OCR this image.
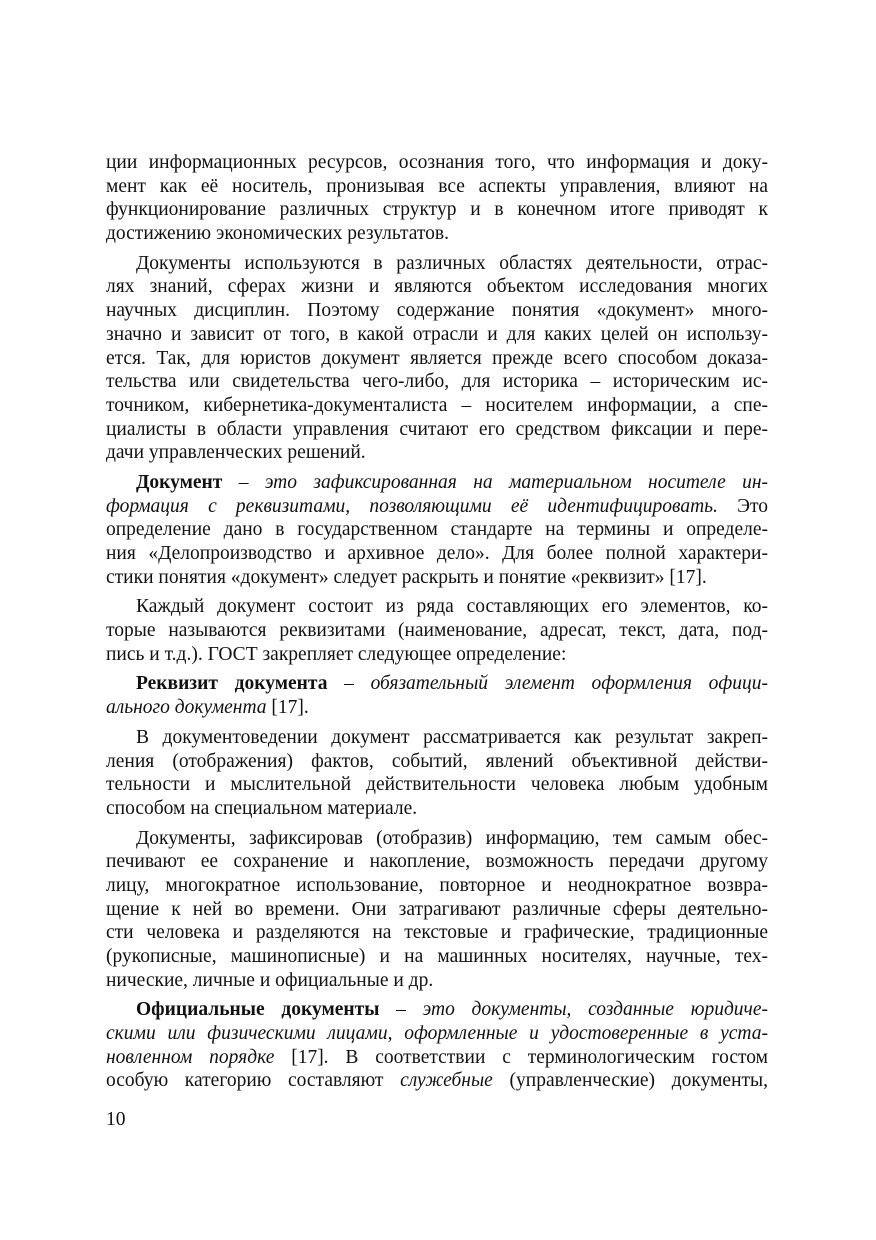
ции информационных ресурсов, осознания того, что информация и доку-
мент как её носитель, пронизывая все аспекты управления, влияют на
функционирование различных структур и в конечном итоге приводят к
достижению экономических результатов.
Документы используются в различных областях деятельности, отрас-
лях знаний, сферах жизни и являются объектом исследования многих
научных дисциплин. Поэтому содержание понятия «документ» много-
значно и зависит от того, в какой отрасли и для каких целей он использу-
ется. Так, для юристов документ является прежде всего способом доказа-
тельства или свидетельства чего-либо, для историка – историческим ис-
точником, кибернетика-документалиста – носителем информации, а спе-
циалисты в области управления считают его средством фиксации и пере-
дачи управленческих решений.
Документ – это зафиксированная на материальном носителе ин-
формация с реквизитами, позволяющими её идентифицировать. Это
определение дано в государственном стандарте на термины и определе-
ния «Делопроизводство и архивное дело». Для более полной характери-
стики понятия «документ» следует раскрыть и понятие «реквизит» [17].
Каждый документ состоит из ряда составляющих его элементов, ко-
торые называются реквизитами (наименование, адресат, текст, дата, под-
пись и т.д.). ГОСТ закрепляет следующее определение:
Реквизит документа – обязательный элемент оформления офици-
ального документа [17].
В документоведении документ рассматривается как результат закреп-
ления (отображения) фактов, событий, явлений объективной действи-
тельности и мыслительной действительности человека любым удобным
способом на специальном материале.
Документы, зафиксировав (отобразив) информацию, тем самым обес-
печивают ее сохранение и накопление, возможность передачи другому
лицу, многократное использование, повторное и неоднократное возвра-
щение к ней во времени. Они затрагивают различные сферы деятельно-
сти человека и разделяются на текстовые и графические, традиционные
(рукописные, машинописные) и на машинных носителях, научные, тех-
нические, личные и официальные и др.
Официальные документы – это документы, созданные юридиче-
скими или физическими лицами, оформленные и удостоверенные в уста-
новленном порядке [17]. В соответствии с терминологическим гостом
особую категорию составляют служебные (управленческие) документы,
10
